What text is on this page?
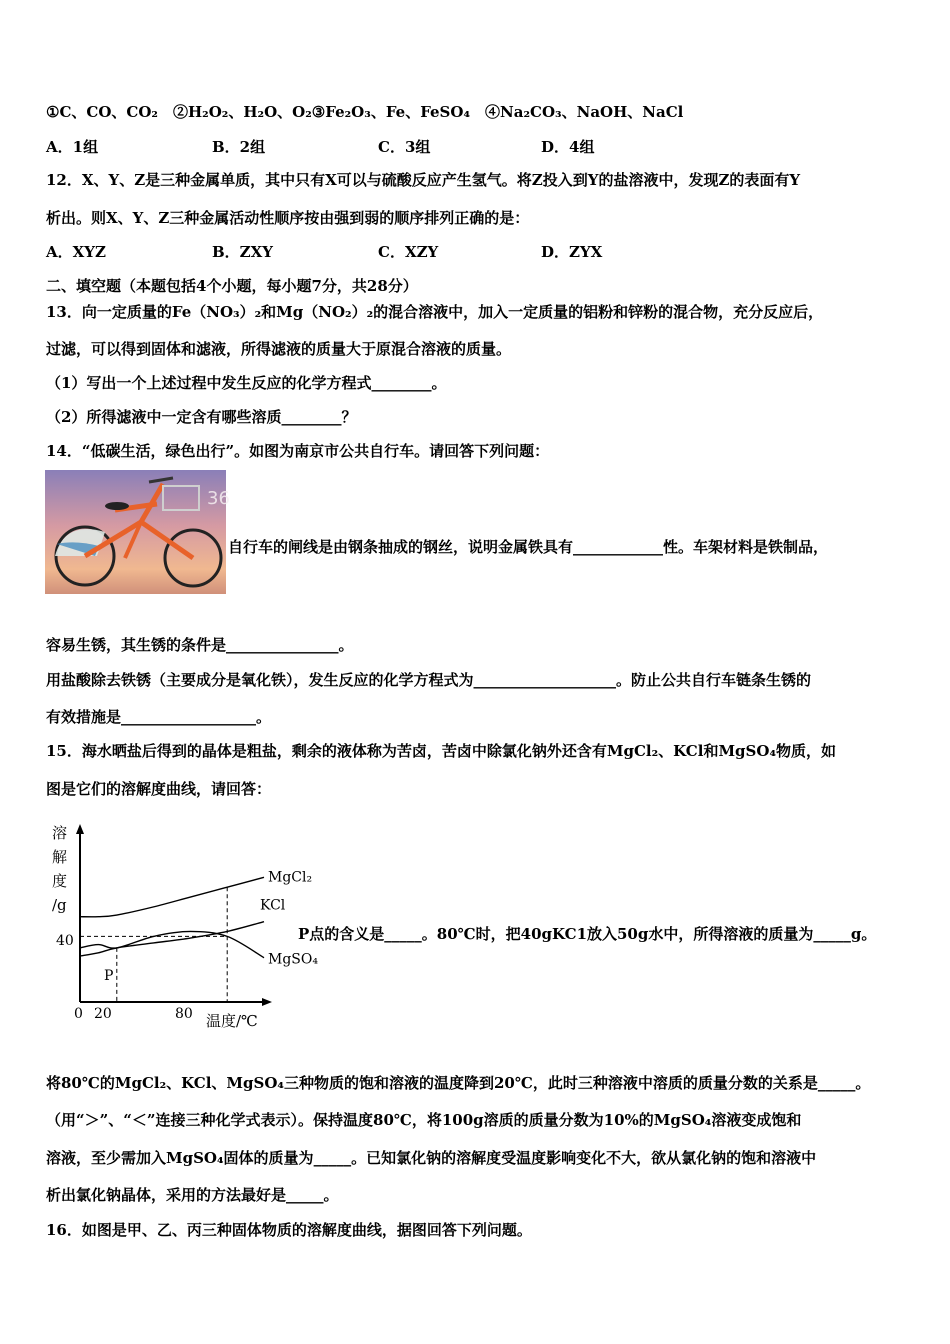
①C、CO、CO₂　②H₂O₂、H₂O、O₂③Fe₂O₃、Fe、FeSO₄　④Na₂CO₃、NaOH、NaCl
A．1组	B．2组	C．3组	D．4组
12．X、Y、Z是三种金属单质，其中只有X可以与硫酸反应产生氢气。将Z投入到Y的盐溶液中，发现Z的表面有Y
析出。则X、Y、Z三种金属活动性顺序按由强到弱的顺序排列正确的是：
A．XYZ	B．ZXY	C．XZY	D．ZYX
二、填空题（本题包括4个小题，每小题7分，共28分）
13．向一定质量的Fe（NO₃）₂和Mg（NO₂）₂的混合溶液中，加入一定质量的铝粉和锌粉的混合物，充分反应后，
过滤，可以得到固体和滤液，所得滤液的质量大于原混合溶液的质量。
（1）写出一个上述过程中发生反应的化学方程式________。
（2）所得滤液中一定含有哪些溶质________？
14．“低碳生活，绿色出行”。如图为南京市公共自行车。请回答下列问题：
36
自行车的闸线是由钢条抽成的钢丝，说明金属铁具有____________性。车架材料是铁制品，
容易生锈，其生锈的条件是_______________。
用盐酸除去铁锈（主要成分是氧化铁），发生反应的化学方程式为___________________。防止公共自行车链条生锈的
有效措施是__________________。
15．海水晒盐后得到的晶体是粗盐，剩余的液体称为苦卤，苦卤中除氯化钠外还含有MgCl₂、KCl和MgSO₄物质，如
图是它们的溶解度曲线，请回答：
溶
解
度
/g
温度/℃
0 20	80
40
MgCl₂
KCl
MgSO₄
P
P点的含义是_____。80℃时，把40gKC1放入50g水中，所得溶液的质量为_____g。
将80℃的MgCl₂、KCl、MgSO₄三种物质的饱和溶液的温度降到20℃，此时三种溶液中溶质的质量分数的关系是_____。
（用“＞”、“＜”连接三种化学式表示）。保持温度80℃，将100g溶质的质量分数为10%的MgSO₄溶液变成饱和
溶液，至少需加入MgSO₄固体的质量为_____。已知氯化钠的溶解度受温度影响变化不大，欲从氯化钠的饱和溶液中
析出氯化钠晶体，采用的方法最好是_____。
16．如图是甲、乙、丙三种固体物质的溶解度曲线，据图回答下列问题。
